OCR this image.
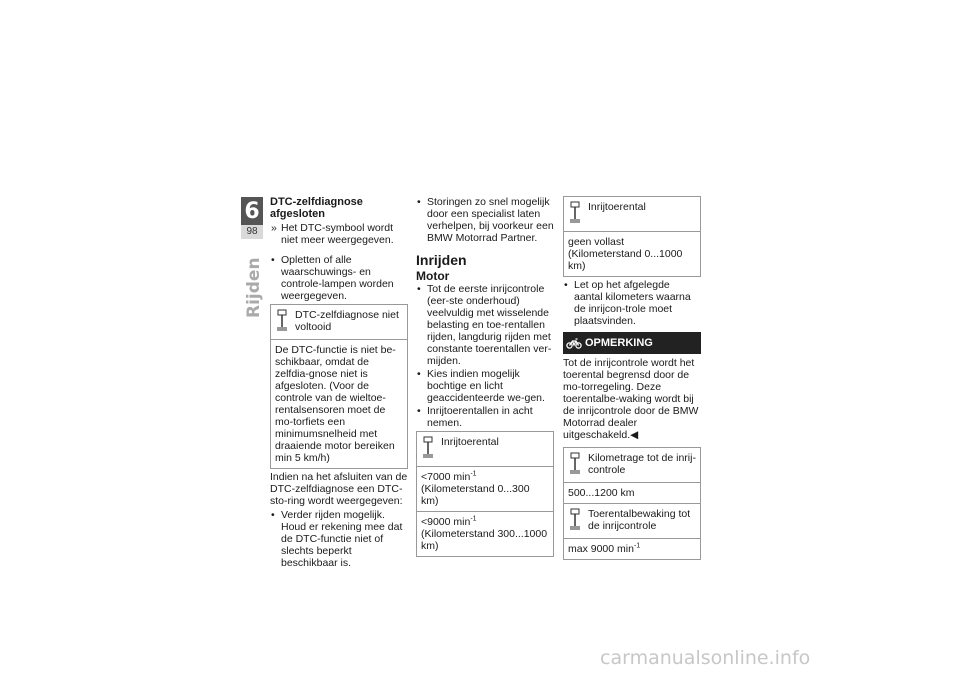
6
98
Rijden
DTC-zelfdiagnose afgesloten
» Het DTC-symbool wordt niet meer weergegeven.
• Opletten of alle waarschuwings- en controle-lampen worden weergegeven.
DTC-zelfdiagnose niet voltooid
De DTC-functie is niet be-schikbaar, omdat de zelfdia-gnose niet is afgesloten. (Voor de controle van de wieltoe-rentalsensoren moet de mo-torfiets een minimumsnelheid met draaiende motor bereiken min 5 km/h)

Indien na het afsluiten van de DTC-zelfdiagnose een DTC-sto-ring wordt weergegeven:

• Verder rijden mogelijk. Houd er rekening mee dat de DTC-functie niet of slechts beperkt beschikbaar is.
• Storingen zo snel mogelijk door een specialist laten verhelpen, bij voorkeur een BMW Motorrad Partner.
Inrijden
Motor
• Tot de eerste inrijcontrole (eer-ste onderhoud) veelvuldig met wisselende belasting en toe-rentallen rijden, langdurig rijden met constante toerentallen ver-mijden.
• Kies indien mogelijk bochtige en licht geaccidenteerde we-gen.
• Inrijtoerentallen in acht nemen.
Inrijtoerental
<7000 $\min^{-1}$ (Kilometerstand 0...300 km)
<9000 $\min^{-1}$ (Kilometerstand 300...1000 km)
Inrijtoerental
geen vollast (Kilometerstand 0...1000 km)
• Let op het afgelegde aantal kilometers waarna de inrijcon-trole moet plaatsvinden.
OPMERKING

Tot de inrijcontrole wordt het toerental begrensd door de mo-torregeling. Deze toerentalbe-waking wordt bij de inrijcontrole door de BMW Motorrad dealer uitgeschakeld.◀

Kilometrage tot de inrij-controle
500...1200 km
Toerentalbewaking tot de inrijcontrole
max 9000 $\min^{-1}$
carmanualsonline.info
